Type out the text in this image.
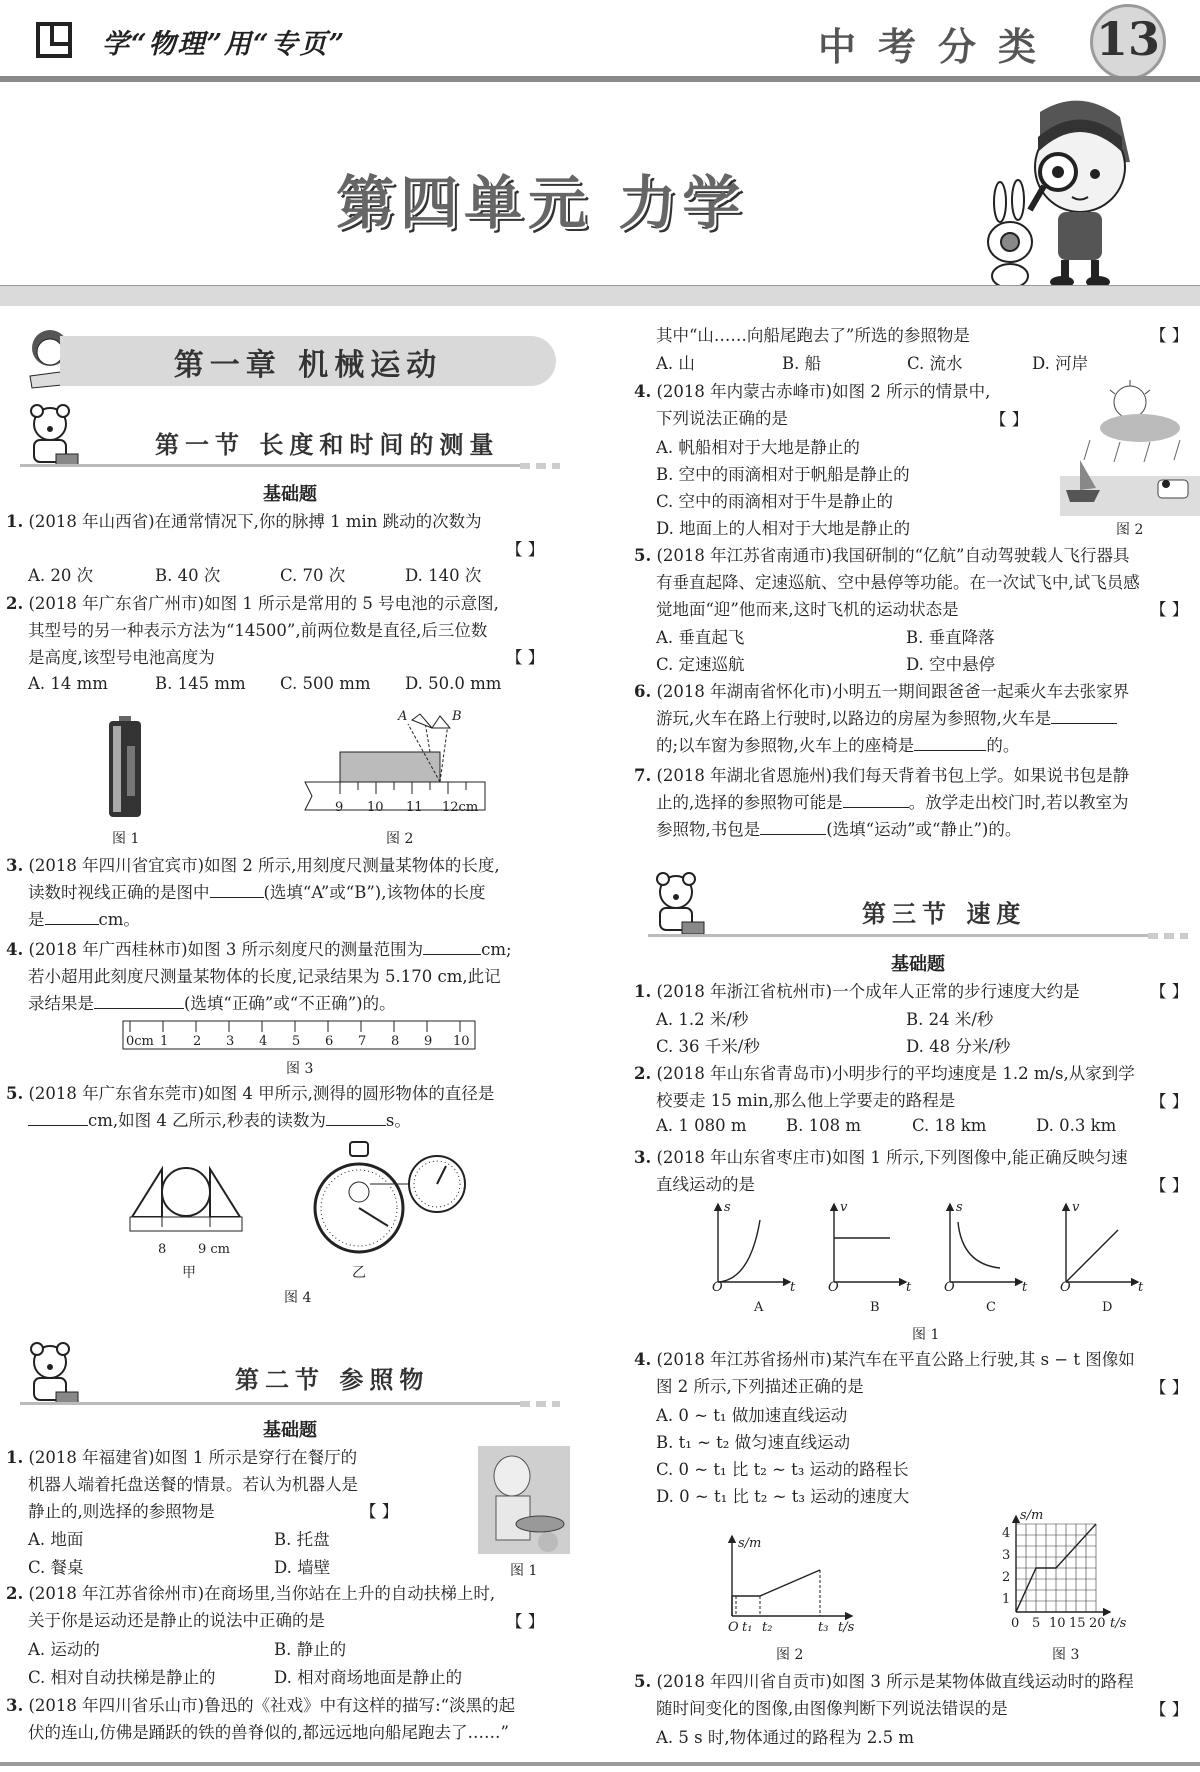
学“物理”用“专页”	中考分类 13
第四单元 力学
第一章 机械运动
第一节 长度和时间的测量
基础题
1. (2018 年山西省)在通常情况下,你的脉搏 1 min 跳动的次数为
【 】
A. 20 次	B. 40 次	C. 70 次	D. 140 次
2. (2018 年广东省广州市)如图 1 所示是常用的 5 号电池的示意图,
其型号的另一种表示方法为“14500”,前两位数是直径,后三位数
是高度,该型号电池高度为	【 】
A. 14 mm	B. 145 mm C. 500 mm D. 50.0 mm
图 1
A	B
9 10 11 12cm
图 2
3. (2018 年四川省宜宾市)如图 2 所示,用刻度尺测量某物体的长度,
读数时视线正确的是图中	(选填“A”或“B”),该物体的长度
是	cm。
4. (2018 年广西桂林市)如图 3 所示刻度尺的测量范围为	cm;
若小超用此刻度尺测量某物体的长度,记录结果为 5.170 cm,此记
录结果是	(选填“正确”或“不正确”)的。
0cm 1 2 3 4 5 6 7 8 9 10
图 3
5. (2018 年广东省东莞市)如图 4 甲所示,测得的圆形物体的直径是
cm,如图 4 乙所示,秒表的读数为	s。
8 9 cm
甲	乙
图 4
第二节 参照物
基础题
1. (2018 年福建省)如图 1 所示是穿行在餐厅的
机器人端着托盘送餐的情景。若认为机器人是
静止的,则选择的参照物是	【 】
A. 地面	B. 托盘
C. 餐桌	D. 墙壁	图 1
2. (2018 年江苏省徐州市)在商场里,当你站在上升的自动扶梯上时,
关于你是运动还是静止的说法中正确的是	【 】
A. 运动的	B. 静止的
C. 相对自动扶梯是静止的	D. 相对商场地面是静止的
3. (2018 年四川省乐山市)鲁迅的《社戏》中有这样的描写:“淡黑的起
伏的连山,仿佛是踊跃的铁的兽脊似的,都远远地向船尾跑去了……”
其中“山……向船尾跑去了”所选的参照物是	【 】
A. 山	B. 船	C. 流水	D. 河岸
4. (2018 年内蒙古赤峰市)如图 2 所示的情景中,
下列说法正确的是	【 】
A. 帆船相对于大地是静止的
B. 空中的雨滴相对于帆船是静止的
C. 空中的雨滴相对于牛是静止的
D. 地面上的人相对于大地是静止的	图 2
5. (2018 年江苏省南通市)我国研制的“亿航”自动驾驶载人飞行器具
有垂直起降、定速巡航、空中悬停等功能。在一次试飞中,试飞员感
觉地面“迎”他而来,这时飞机的运动状态是	【 】
A. 垂直起飞	B. 垂直降落
C. 定速巡航	D. 空中悬停
6. (2018 年湖南省怀化市)小明五一期间跟爸爸一起乘火车去张家界
游玩,火车在路上行驶时,以路边的房屋为参照物,火车是
的;以车窗为参照物,火车上的座椅是	的。
7. (2018 年湖北省恩施州)我们每天背着书包上学。如果说书包是静
止的,选择的参照物可能是	。放学走出校门时,若以教室为
参照物,书包是	(选填“运动”或“静止”)的。
第三节 速度
基础题
1. (2018 年浙江省杭州市)一个成年人正常的步行速度大约是	【 】
A. 1.2 米/秒	B. 24 米/秒
C. 36 千米/秒	D. 48 分米/秒
2. (2018 年山东省青岛市)小明步行的平均速度是 1.2 m/s,从家到学
校要走 15 min,那么他上学要走的路程是	【 】
A. 1 080 m B. 108 m	C. 18 km	D. 0.3 km
3. (2018 年山东省枣庄市)如图 1 所示,下列图像中,能正确反映匀速
直线运动的是	【 】
s	v	s	v
O	O	O	O
t	t	t	t
A	B	C	D
图 1
4. (2018 年江苏省扬州市)某汽车在平直公路上行驶,其 s − t 图像如
图 2 所示,下列描述正确的是	【 】
A. 0 ~ t₁ 做加速直线运动
B. t₁ ~ t₂ 做匀速直线运动
C. 0 ~ t₁ 比 t₂ ~ t₃ 运动的路程长
D. 0 ~ t₁ 比 t₂ ~ t₃ 运动的速度大
s/m
O t₁ t₂	t₃ t/s
图 2
s/m
1
2
3
4
0 5 10 15 20 t/s
图 3
5. (2018 年四川省自贡市)如图 3 所示是某物体做直线运动时的路程
随时间变化的图像,由图像判断下列说法错误的是	【 】
A. 5 s 时,物体通过的路程为 2.5 m
